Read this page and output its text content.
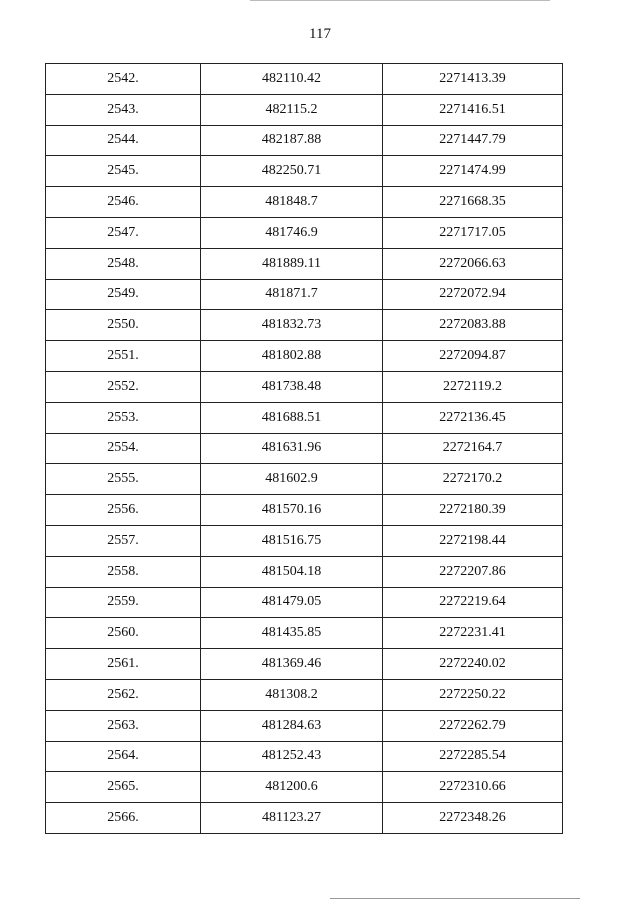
117
2542.	482110.42	2271413.39
2543.	482115.2	2271416.51
2544.	482187.88	2271447.79
2545.	482250.71	2271474.99
2546.	481848.7	2271668.35
2547.	481746.9	2271717.05
2548.	481889.11	2272066.63
2549.	481871.7	2272072.94
2550.	481832.73	2272083.88
2551.	481802.88	2272094.87
2552.	481738.48	2272119.2
2553.	481688.51	2272136.45
2554.	481631.96	2272164.7
2555.	481602.9	2272170.2
2556.	481570.16	2272180.39
2557.	481516.75	2272198.44
2558.	481504.18	2272207.86
2559.	481479.05	2272219.64
2560.	481435.85	2272231.41
2561.	481369.46	2272240.02
2562.	481308.2	2272250.22
2563.	481284.63	2272262.79
2564.	481252.43	2272285.54
2565.	481200.6	2272310.66
2566.	481123.27	2272348.26
